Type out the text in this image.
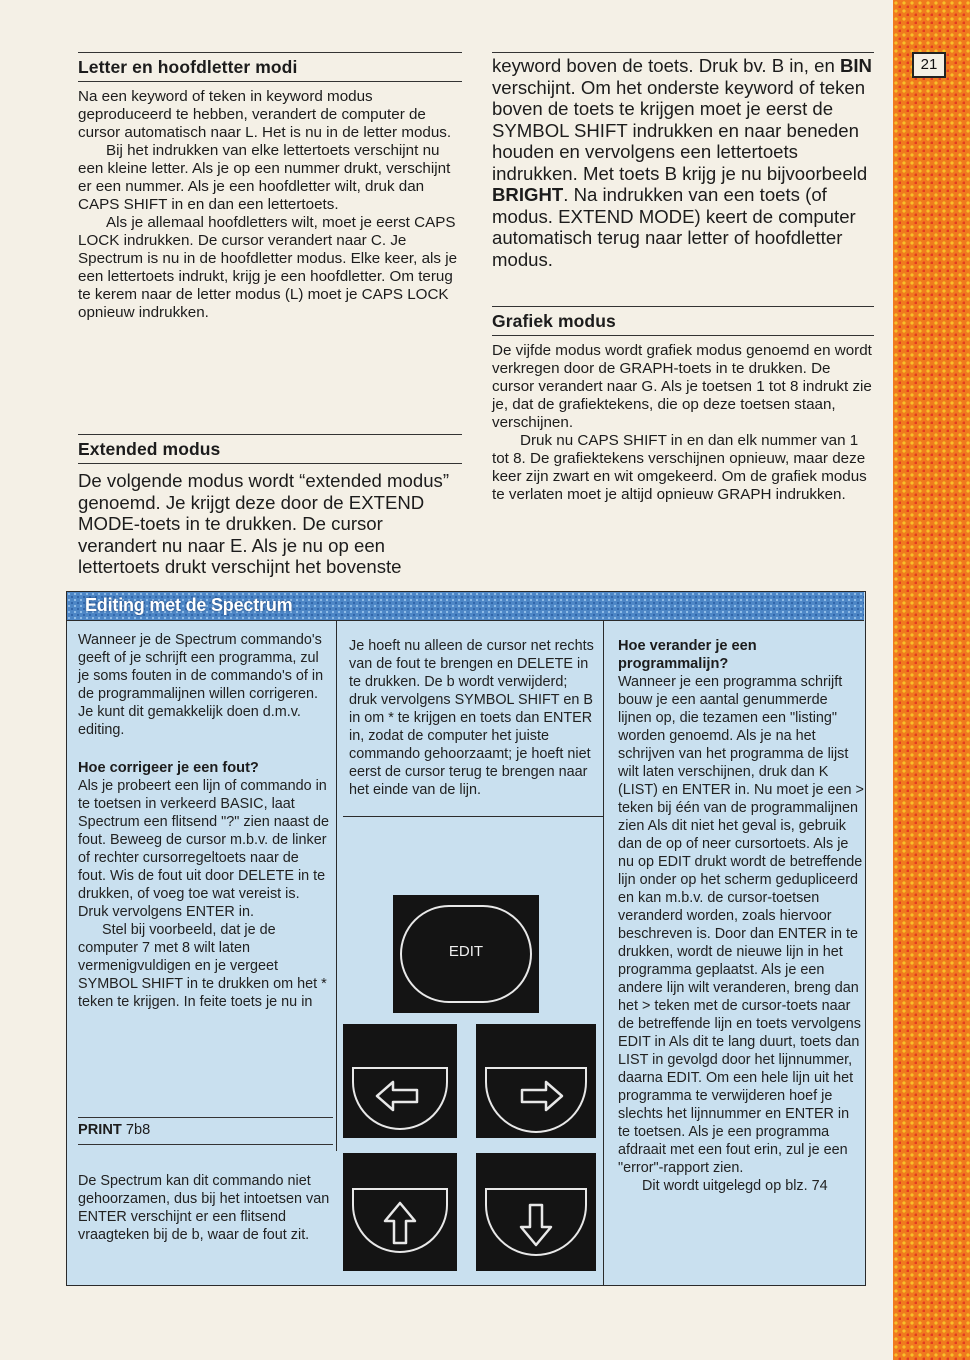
21
Letter en hoofdletter modi

Na een keyword of teken in keyword modus geproduceerd te hebben, verandert de computer de cursor automatisch naar L. Het is nu in de letter modus.

Bij het indrukken van elke lettertoets verschijnt nu een kleine letter. Als je op een nummer drukt, verschijnt er een nummer. Als je een hoofdletter wilt, druk dan CAPS SHIFT in en dan een lettertoets.

Als je allemaal hoofdletters wilt, moet je eerst CAPS LOCK indrukken. De cursor verandert naar C. Je Spectrum is nu in de hoofdletter modus. Elke keer, als je een lettertoets indrukt, krijg je een hoofdletter. Om terug te kerem naar de letter modus (L) moet je CAPS LOCK opnieuw indrukken.

Extended modus

De volgende modus wordt “extended modus” genoemd. Je krijgt deze door de EXTEND MODE-toets in te drukken. De cursor verandert nu naar E. Als je nu op een lettertoets drukt verschijnt het bovenste

keyword boven de toets. Druk bv. B in, en BIN verschijnt. Om het onderste keyword of teken boven de toets te krijgen moet je eerst de SYMBOL SHIFT indrukken en naar beneden houden en vervolgens een lettertoets indrukken. Met toets B krijg je nu bijvoorbeeld BRIGHT. Na indrukken van een toets (of modus. EXTEND MODE) keert de computer automatisch terug naar letter of hoofdletter modus.

Grafiek modus

De vijfde modus wordt grafiek modus genoemd en wordt verkregen door de GRAPH-toets in te drukken. De cursor verandert naar G. Als je toetsen 1 tot 8 indrukt zie je, dat de grafiektekens, die op deze toetsen staan, verschijnen.

Druk nu CAPS SHIFT in en dan elk nummer van 1 tot 8. De grafiektekens verschijnen opnieuw, maar deze keer zijn zwart en wit omgekeerd. Om de grafiek modus te verlaten moet je altijd opnieuw GRAPH indrukken.

Editing met de Spectrum

Wanneer je de Spectrum commando's geeft of je schrijft een programma, zul je soms fouten in de commando's of in de programmalijnen willen corrigeren. Je kunt dit gemakkelijk doen d.m.v. editing.

Hoe corrigeer je een fout?

Als je probeert een lijn of commando in te toetsen in verkeerd BASIC, laat Spectrum een flitsend "?" zien naast de fout. Beweeg de cursor m.b.v. de linker of rechter cursorregeltoets naar de fout. Wis de fout uit door DELETE in te drukken, of voeg toe wat vereist is. Druk vervolgens ENTER in.

Stel bij voorbeeld, dat je de computer 7 met 8 wilt laten vermenigvuldigen en je vergeet SYMBOL SHIFT in te drukken om het * teken te krijgen. In feite toets je nu in

PRINT 7b8

De Spectrum kan dit commando niet gehoorzamen, dus bij het intoetsen van ENTER verschijnt er een flitsend vraagteken bij de b, waar de fout zit.

Je hoeft nu alleen de cursor net rechts van de fout te brengen en DELETE in te drukken. De b wordt verwijderd; druk vervolgens SYMBOL SHIFT en B in om * te krijgen en toets dan ENTER in, zodat de computer het juiste commando gehoorzaamt; je hoeft niet eerst de cursor terug te brengen naar het einde van de lijn.

Hoe verander je een programmalijn?

Wanneer je een programma schrijft bouw je een aantal genummerde lijnen op, die tezamen een "listing" worden genoemd. Als je na het schrijven van het programma de lijst wilt laten verschijnen, druk dan K (LIST) en ENTER in. Nu moet je een > teken bij één van de programmalijnen zien Als dit niet het geval is, gebruik dan de op of neer cursortoets. Als je nu op EDIT drukt wordt de betreffende lijn onder op het scherm gedupliceerd en kan m.b.v. de cursor-toetsen veranderd worden, zoals hiervoor beschreven is. Door dan ENTER in te drukken, wordt de nieuwe lijn in het programma geplaatst. Als je een andere lijn wilt veranderen, breng dan het > teken met de cursor-toets naar de betreffende lijn en toets vervolgens EDIT in Als dit te lang duurt, toets dan LIST in gevolgd door het lijnnummer, daarna EDIT. Om een hele lijn uit het programma te verwijderen hoef je slechts het lijnnummer en ENTER in te toetsen. Als je een programma afdraait met een fout erin, zul je een "error"-rapport zien.

Dit wordt uitgelegd op blz. 74

EDIT
